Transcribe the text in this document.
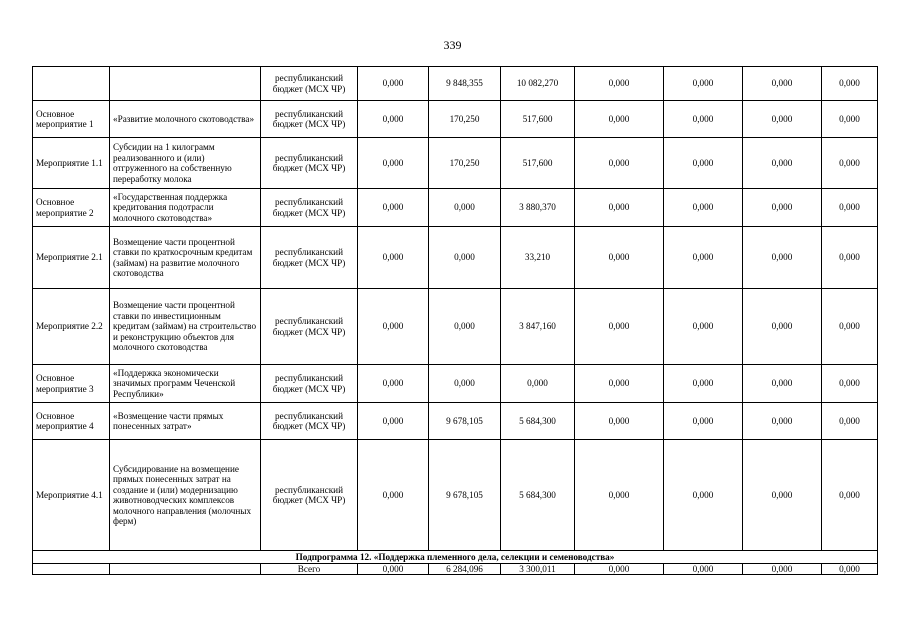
339
		республиканский бюджет (МСХ ЧР)	0,000	9 848,355	10 082,270	0,000	0,000	0,000	0,000
Основное мероприятие 1	«Развитие молочного скотоводства»	республиканский бюджет (МСХ ЧР)	0,000	170,250	517,600	0,000	0,000	0,000	0,000
Мероприятие 1.1	Субсидии на 1 килограмм реализованного и (или) отгруженного на собственную переработку молока	республиканский бюджет (МСХ ЧР)	0,000	170,250	517,600	0,000	0,000	0,000	0,000
Основное мероприятие 2	«Государственная поддержка кредитования подотрасли молочного скотоводства»	республиканский бюджет (МСХ ЧР)	0,000	0,000	3 880,370	0,000	0,000	0,000	0,000
Мероприятие 2.1	Возмещение части процентной ставки по краткосрочным кредитам (займам) на развитие молочного скотоводства	республиканский бюджет (МСХ ЧР)	0,000	0,000	33,210	0,000	0,000	0,000	0,000
Мероприятие 2.2	Возмещение части процентной ставки по инвестиционным кредитам (займам) на строительство и реконструкцию объектов для молочного скотоводства	республиканский бюджет (МСХ ЧР)	0,000	0,000	3 847,160	0,000	0,000	0,000	0,000
Основное мероприятие 3	«Поддержка экономически значимых программ Чеченской Республики»	республиканский бюджет (МСХ ЧР)	0,000	0,000	0,000	0,000	0,000	0,000	0,000
Основное мероприятие 4	«Возмещение части прямых понесенных затрат»	республиканский бюджет (МСХ ЧР)	0,000	9 678,105	5 684,300	0,000	0,000	0,000	0,000
Мероприятие 4.1	Субсидирование на возмещение прямых понесенных затрат на создание и (или) модернизацию животноводческих комплексов молочного направления (молочных ферм)	республиканский бюджет (МСХ ЧР)	0,000	9 678,105	5 684,300	0,000	0,000	0,000	0,000
Подпрограмма 12. «Поддержка племенного дела, селекции и семеноводства»									
		Всего	0,000	6 284,096	3 300,011	0,000	0,000	0,000	0,000
